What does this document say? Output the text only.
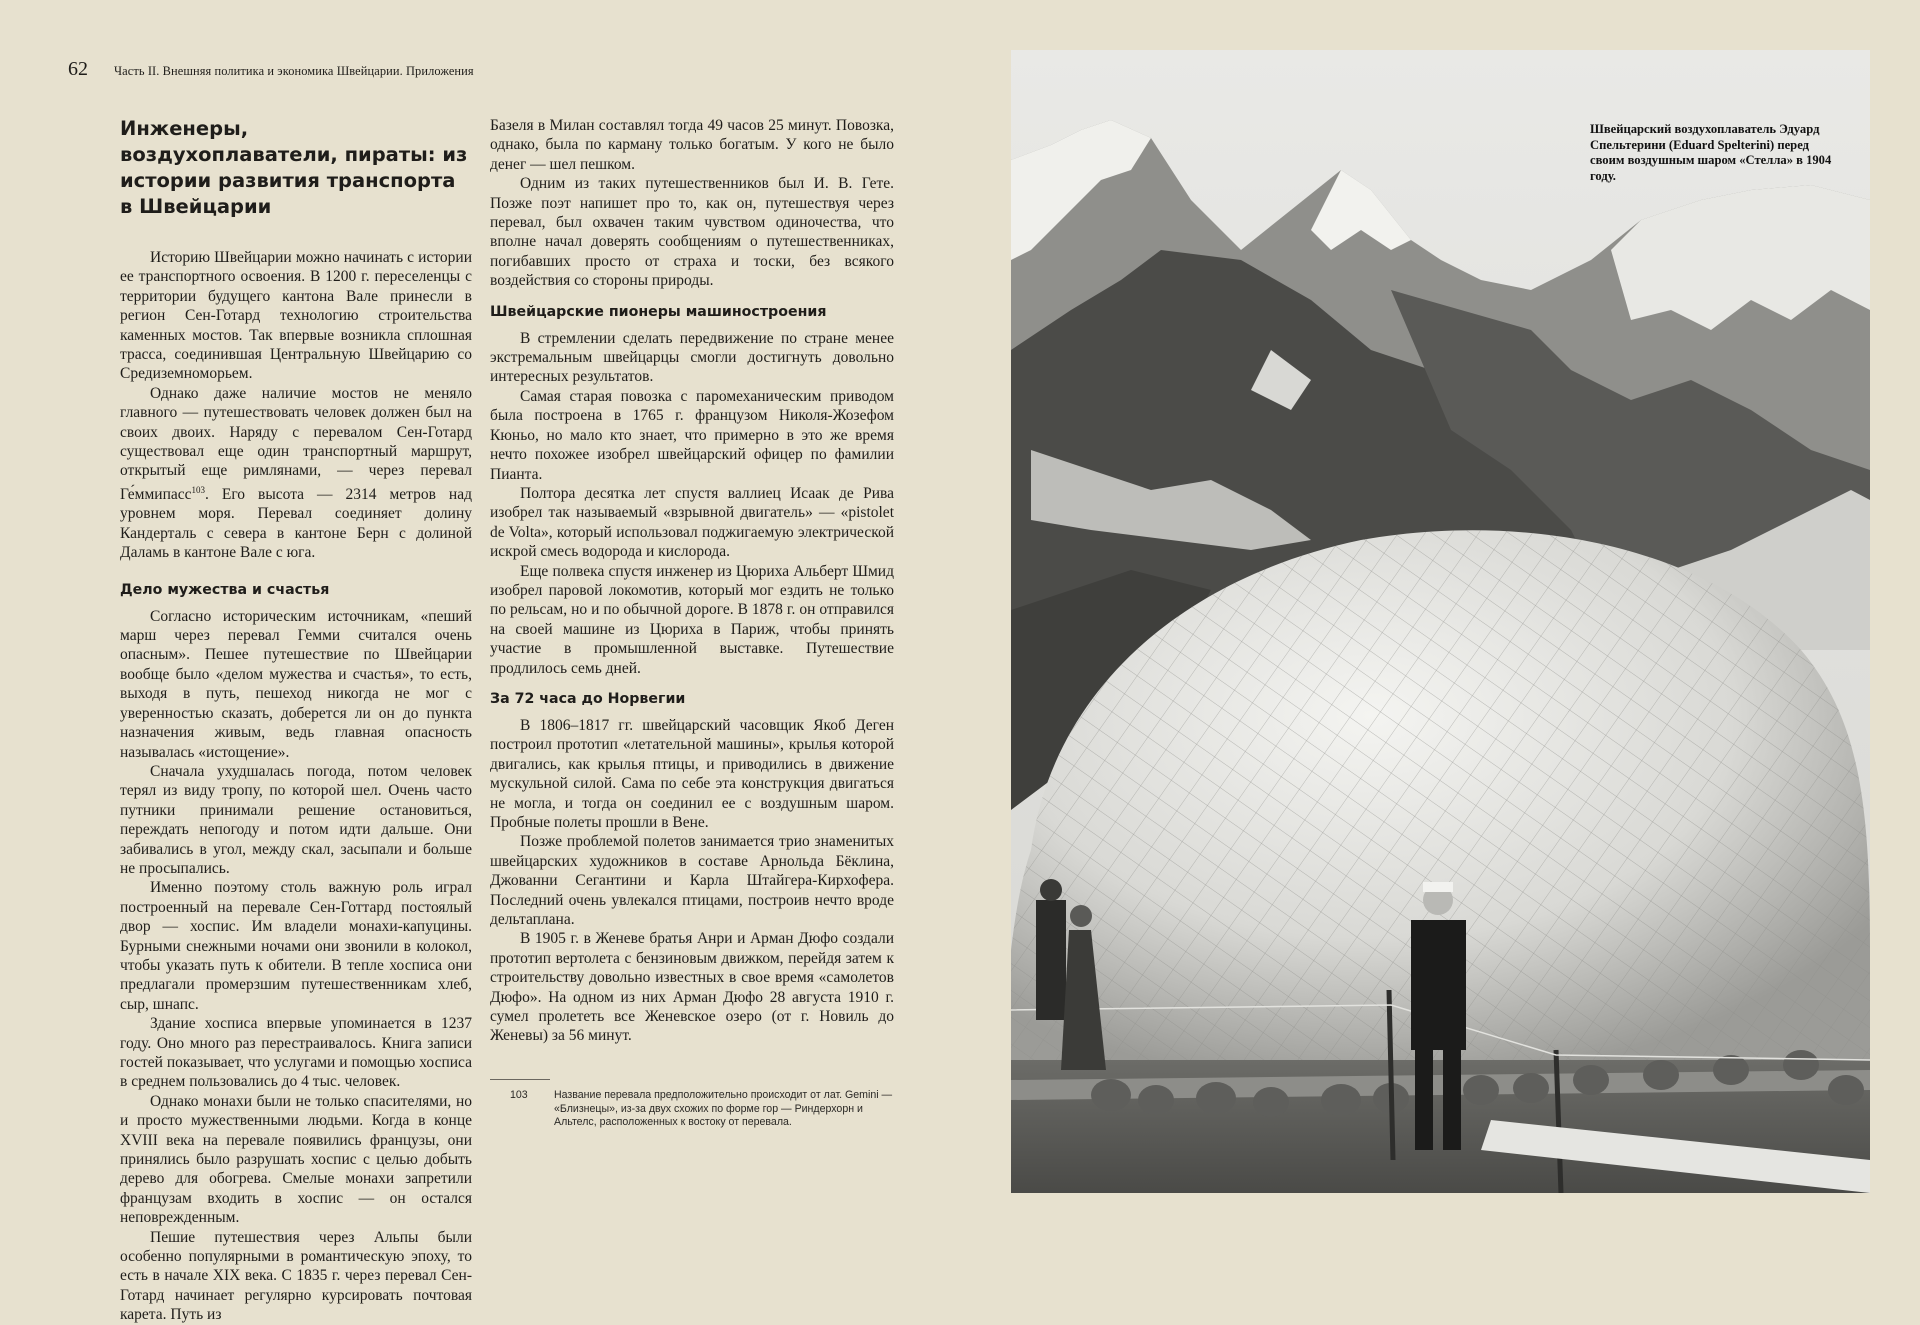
62 Часть II. Внешняя политика и экономика Швейцарии. Приложения
Инженеры, воздухоплаватели, пираты: из истории развития транспорта в Швейцарии

Историю Швейцарии можно начинать с истории ее транспортного освоения. В 1200 г. переселенцы с территории будущего кантона Вале принесли в регион Сен-Готард технологию строительства каменных мостов. Так впервые возникла сплошная трасса, соединившая Центральную Швейцарию со Средиземноморьем.

Однако даже наличие мостов не меняло главного — путешествовать человек должен был на своих двоих. Наряду с перевалом Сен-Готард существовал еще один транспортный маршрут, открытый еще римлянами, — через перевал Ге́ммипасс$^{103}$. Его высота — 2314 метров над уровнем моря. Перевал соединяет долину Кандерталь с севера в кантоне Берн с долиной Даламь в кантоне Вале с юга.

Дело мужества и счастья

Согласно историческим источникам, «пеший марш через перевал Гемми считался очень опасным». Пешее путешествие по Швейцарии вообще было «делом мужества и счастья», то есть, выходя в путь, пешеход никогда не мог с уверенностью сказать, доберется ли он до пункта назначения живым, ведь главная опасность называлась «истощение».

Сначала ухудшалась погода, потом человек терял из виду тропу, по которой шел. Очень часто путники принимали решение остановиться, переждать непогоду и потом идти дальше. Они забивались в угол, между скал, засыпали и больше не просыпались.

Именно поэтому столь важную роль играл построенный на перевале Сен-Готтард постоялый двор — хоспис. Им владели монахи-капуцины. Бурными снежными ночами они звонили в колокол, чтобы указать путь к обители. В тепле хосписа они предлагали промерзшим путешественникам хлеб, сыр, шнапс.

Здание хосписа впервые упоминается в 1237 году. Оно много раз перестраивалось. Книга записи гостей показывает, что услугами и помощью хосписа в среднем пользовались до 4 тыс. человек.

Однако монахи были не только спасителями, но и просто мужественными людьми. Когда в конце XVIII века на перевале появились французы, они принялись было разрушать хоспис с целью добыть дерево для обогрева. Смелые монахи запретили французам входить в хоспис — он остался неповрежденным.

Пешие путешествия через Альпы были особенно популярными в романтическую эпоху, то есть в начале XIX века. С 1835 г. через перевал Сен-Готард начинает регулярно курсировать почтовая карета. Путь из

Базеля в Милан составлял тогда 49 часов 25 минут. Повозка, однако, была по карману только богатым. У кого не было денег — шел пешком.

Одним из таких путешественников был И. В. Гете. Позже поэт напишет про то, как он, путешествуя через перевал, был охвачен таким чувством одиночества, что вполне начал доверять сообщениям о путешественниках, погибавших просто от страха и тоски, без всякого воздействия со стороны природы.

Швейцарские пионеры машиностроения

В стремлении сделать передвижение по стране менее экстремальным швейцарцы смогли достигнуть довольно интересных результатов.

Самая старая повозка с паромеханическим приводом была построена в 1765 г. французом Николя-Жозефом Кюньо, но мало кто знает, что примерно в это же время нечто похожее изобрел швейцарский офицер по фамилии Пианта.

Полтора десятка лет спустя валлиец Исаак де Рива изобрел так называемый «взрывной двигатель» — «pistolet de Volta», который использовал поджигаемую электрической искрой смесь водорода и кислорода.

Еще полвека спустя инженер из Цюриха Альберт Шмид изобрел паровой локомотив, который мог ездить не только по рельсам, но и по обычной дороге. В 1878 г. он отправился на своей машине из Цюриха в Париж, чтобы принять участие в промышленной выставке. Путешествие продлилось семь дней.

За 72 часа до Норвегии

В 1806–1817 гг. швейцарский часовщик Якоб Деген построил прототип «летательной машины», крылья которой двигались, как крылья птицы, и приводились в движение мускульной силой. Сама по себе эта конструкция двигаться не могла, и тогда он соединил ее с воздушным шаром. Пробные полеты прошли в Вене.

Позже проблемой полетов занимается трио знаменитых швейцарских художников в составе Арнольда Бёклина, Джованни Сегантини и Карла Штайгера-Кирхофера. Последний очень увлекался птицами, построив нечто вроде дельтаплана.

В 1905 г. в Женеве братья Анри и Арман Дюфо создали прототип вертолета с бензиновым движком, перейдя затем к строительству довольно известных в свое время «самолетов Дюфо». На одном из них Арман Дюфо 28 августа 1910 г. сумел пролететь все Женевское озеро (от г. Новиль до Женевы) за 56 минут.

103	Название перевала предположительно происходит от лат. Gemini — «Близнецы», из-за двух схожих по форме гор — Риндерхорн и Альтелс, расположенных к востоку от перевала.
Швейцарский воздухоплаватель Эдуард Спельтерини (Eduard Spelterini) перед своим воздушным шаром «Стелла» в 1904 году.
